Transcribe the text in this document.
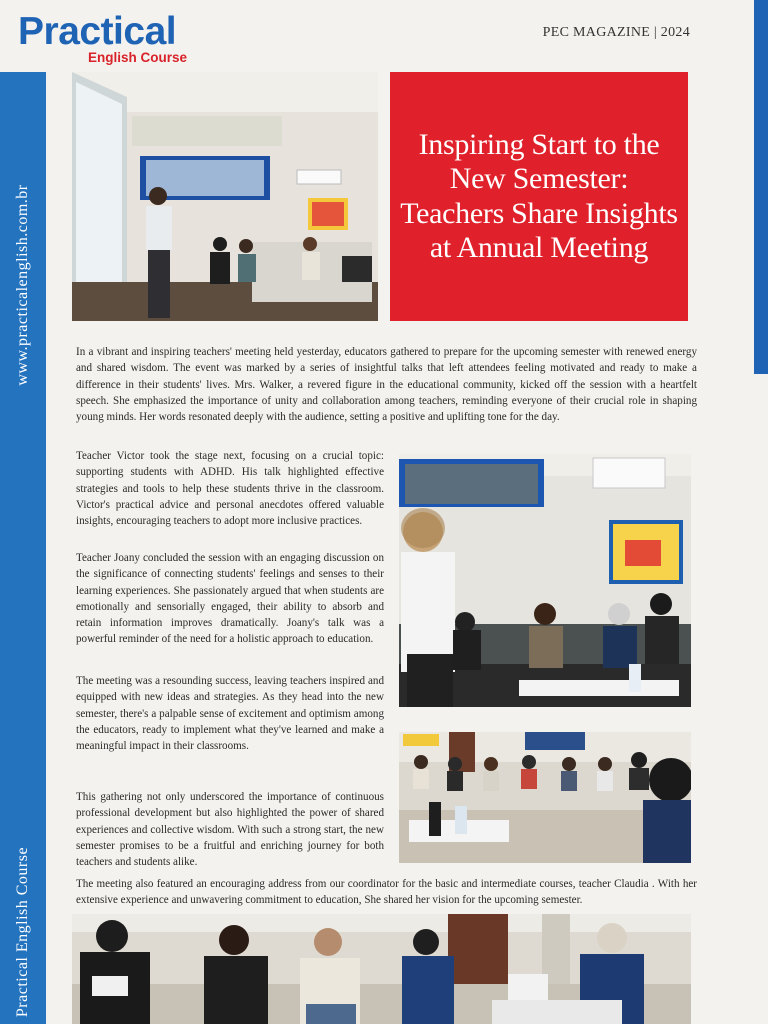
Practical
English Course
PEC MAGAZINE | 2024
www.practicalenglish.com.br
Practical English Course
Inspiring Start to the New Semester: Teachers Share Insights at Annual Meeting

In a vibrant and inspiring teachers' meeting held yesterday, educators gathered to prepare for the upcoming semester with renewed energy and shared wisdom. The event was marked by a series of insightful talks that left attendees feeling motivated and ready to make a difference in their students' lives. Mrs. Walker, a revered figure in the educational community, kicked off the session with a heartfelt speech. She emphasized the importance of unity and collaboration among teachers, reminding everyone of their crucial role in shaping young minds. Her words resonated deeply with the audience, setting a positive and uplifting tone for the day.

Teacher Victor took the stage next, focusing on a crucial topic: supporting students with ADHD. His talk highlighted effective strategies and tools to help these students thrive in the classroom. Victor's practical advice and personal anecdotes offered valuable insights, encouraging teachers to adopt more inclusive practices.

Teacher Joany concluded the session with an engaging discussion on the significance of connecting students' feelings and senses to their learning experiences. She passionately argued that when students are emotionally and sensorially engaged, their ability to absorb and retain information improves dramatically. Joany's talk was a powerful reminder of the need for a holistic approach to education.

The meeting was a resounding success, leaving teachers inspired and equipped with new ideas and strategies. As they head into the new semester, there's a palpable sense of excitement and optimism among the educators, ready to implement what they've learned and make a meaningful impact in their classrooms.

This gathering not only underscored the importance of continuous professional development but also highlighted the power of shared experiences and collective wisdom. With such a strong start, the new semester promises to be a fruitful and enriching journey for both teachers and students alike.

The meeting also featured an encouraging address from our coordinator for the basic and intermediate courses, teacher Claudia . With her extensive experience and unwavering commitment to education, She shared her vision for the upcoming semester.
